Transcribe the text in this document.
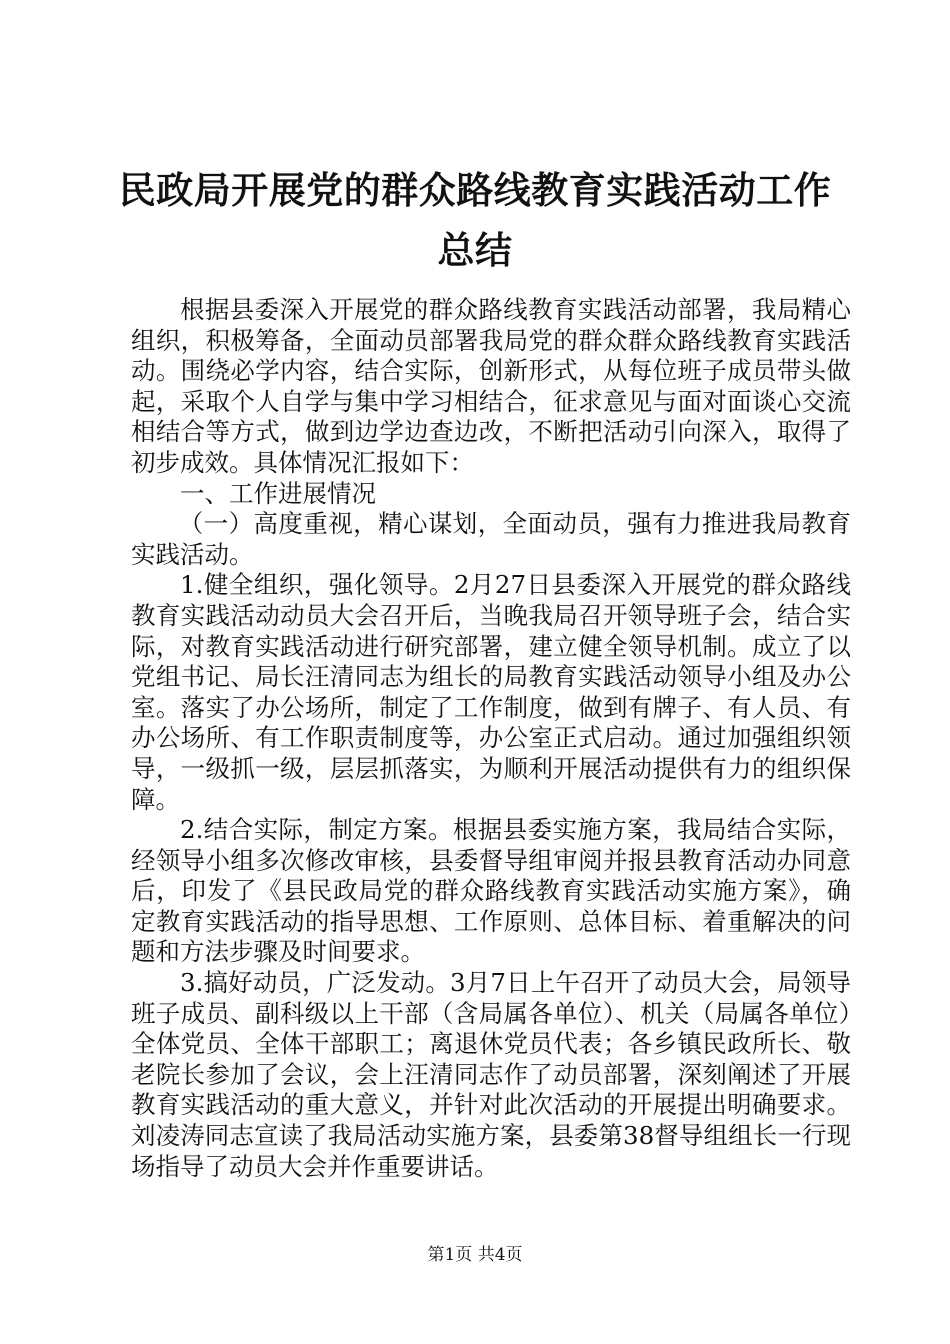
民政局开展党的群众路线教育实践活动工作总结

根据县委深入开展党的群众路线教育实践活动部署，我局精心组织，积极筹备，全面动员部署我局党的群众群众路线教育实践活动。围绕必学内容，结合实际，创新形式，从每位班子成员带头做起，采取个人自学与集中学习相结合，征求意见与面对面谈心交流相结合等方式，做到边学边查边改，不断把活动引向深入，取得了初步成效。具体情况汇报如下：

一、工作进展情况

（一）高度重视，精心谋划，全面动员，强有力推进我局教育实践活动。

1.健全组织，强化领导。2月27日县委深入开展党的群众路线教育实践活动动员大会召开后，当晚我局召开领导班子会，结合实际，对教育实践活动进行研究部署，建立健全领导机制。成立了以党组书记、局长汪清同志为组长的局教育实践活动领导小组及办公室。落实了办公场所，制定了工作制度，做到有牌子、有人员、有办公场所、有工作职责制度等，办公室正式启动。通过加强组织领导，一级抓一级，层层抓落实，为顺利开展活动提供有力的组织保障。

2.结合实际，制定方案。根据县委实施方案，我局结合实际，经领导小组多次修改审核，县委督导组审阅并报县教育活动办同意后，印发了《县民政局党的群众路线教育实践活动实施方案》，确定教育实践活动的指导思想、工作原则、总体目标、着重解决的问题和方法步骤及时间要求。

3.搞好动员，广泛发动。3月7日上午召开了动员大会，局领导班子成员、副科级以上干部（含局属各单位）、机关（局属各单位）全体党员、全体干部职工；离退休党员代表；各乡镇民政所长、敬老院长参加了会议，会上汪清同志作了动员部署，深刻阐述了开展教育实践活动的重大意义，并针对此次活动的开展提出明确要求。刘凌涛同志宣读了我局活动实施方案，县委第38督导组组长一行现场指导了动员大会并作重要讲话。

第1页 共4页
